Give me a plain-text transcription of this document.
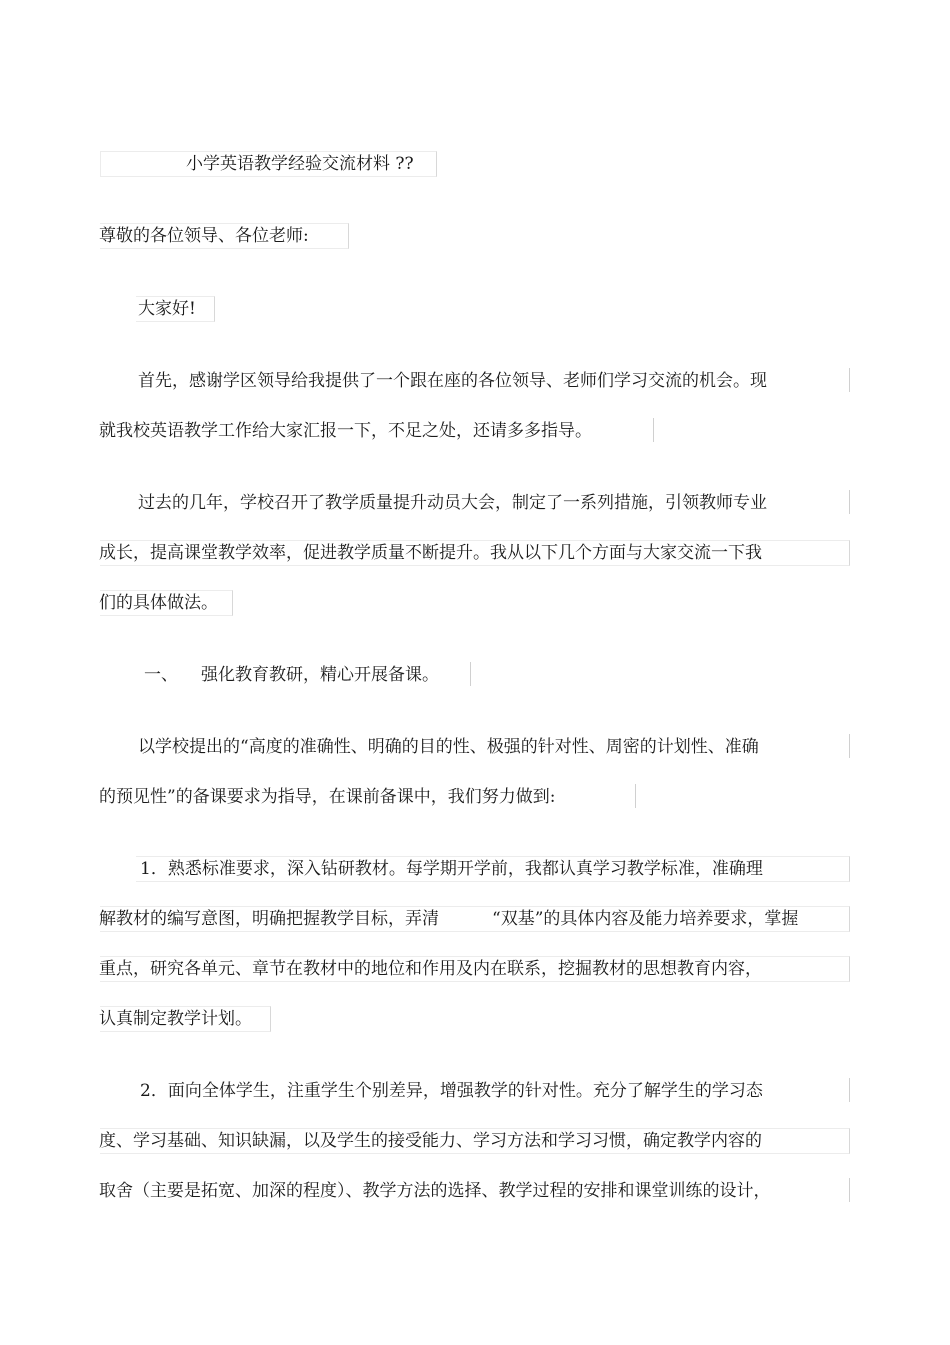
小学英语教学经验交流材料 ??
尊敬的各位领导、各位老师:
大家好!
首先，感谢学区领导给我提供了一个跟在座的各位领导、老师们学习交流的机会。现
就我校英语教学工作给大家汇报一下，不足之处，还请多多指导。
过去的几年，学校召开了教学质量提升动员大会，制定了一系列措施，引领教师专业
成长，提高课堂教学效率，促进教学质量不断提升。我从以下几个方面与大家交流一下我
们的具体做法。
一、 强化教育教研，精心开展备课。
以学校提出的“高度的准确性、明确的目的性、极强的针对性、周密的计划性、准确
的预见性”的备课要求为指导，在课前备课中，我们努力做到:
1．熟悉标准要求，深入钻研教材。每学期开学前，我都认真学习教学标准，准确理
解教材的编写意图，明确把握教学目标，弄清	“双基”的具体内容及能力培养要求，掌握
重点，研究各单元、章节在教材中的地位和作用及内在联系，挖掘教材的思想教育内容，
认真制定教学计划。
2．面向全体学生，注重学生个别差异，增强教学的针对性。充分了解学生的学习态
度、学习基础、知识缺漏，以及学生的接受能力、学习方法和学习习惯，确定教学内容的
取舍（主要是拓宽、加深的程度）、教学方法的选择、教学过程的安排和课堂训练的设计，
